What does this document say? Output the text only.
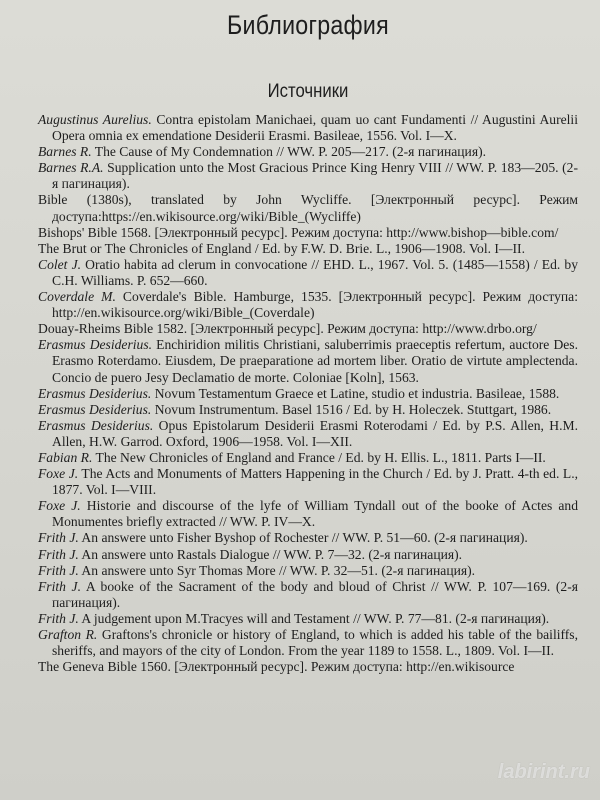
Библиография
Источники
Augustinus Aurelius. Contra epistolam Manichaei, quam uo cant Fundamenti // Augustini Aurelii Opera omnia ex emendatione Desiderii Erasmi. Basileae, 1556. Vol. I—X.
Barnes R. The Cause of My Condemnation // WW. P. 205—217. (2-я пагинация).
Barnes R.A. Supplication unto the Most Gracious Prince King Henry VIII // WW. P. 183—205. (2-я пагинация).
Bible (1380s), translated by John Wycliffe. [Электронный ресурс]. Режим доступа:https://en.wikisource.org/wiki/Bible_(Wycliffe)
Bishops' Bible 1568. [Электронный ресурс]. Режим доступа: http://www.bishop—bible.com/
The Brut or The Chronicles of England / Ed. by F.W. D. Brie. L., 1906—1908. Vol. I—II.
Colet J. Oratio habita ad clerum in convocatione // EHD. L., 1967. Vol. 5. (1485—1558) / Ed. by C.H. Williams. P. 652—660.
Coverdale M. Coverdale's Bible. Hamburge, 1535. [Электронный ресурс]. Режим доступа: http://en.wikisource.org/wiki/Bible_(Coverdale)
Douay-Rheims Bible 1582. [Электронный ресурс]. Режим доступа: http://www.drbo.org/
Erasmus Desiderius. Enchiridion militis Christiani, saluberrimis praeceptis refertum, auctore Des. Erasmo Roterdamo. Eiusdem, De praeparatione ad mortem liber. Oratio de virtute amplectenda. Concio de puero Jesy Declamatio de morte. Coloniae [Koln], 1563.
Erasmus Desiderius. Novum Testamentum Graece et Latine, studio et industria. Basileae, 1588.
Erasmus Desiderius. Novum Instrumentum. Basel 1516 / Ed. by H. Holeczek. Stuttgart, 1986.
Erasmus Desiderius. Opus Epistolarum Desiderii Erasmi Roterodami / Ed. by P.S. Allen, H.M. Allen, H.W. Garrod. Oxford, 1906—1958. Vol. I—XII.
Fabian R. The New Chronicles of England and France / Ed. by H. Ellis. L., 1811. Parts I—II.
Foxe J. The Acts and Monuments of Matters Happening in the Church / Ed. by J. Pratt. 4-th ed. L., 1877. Vol. I—VIII.
Foxe J. Historie and discourse of the lyfe of William Tyndall out of the booke of Actes and Monumentes briefly extracted // WW. P. IV—X.
Frith J. An answere unto Fisher Byshop of Rochester // WW. P. 51—60. (2-я пагинация).
Frith J. An answere unto Rastals Dialogue // WW. P. 7—32. (2-я пагинация).
Frith J. An answere unto Syr Thomas More // WW. P. 32—51. (2-я пагинация).
Frith J. A booke of the Sacrament of the body and bloud of Christ // WW. P. 107—169. (2-я пагинация).
Frith J. A judgement upon M.Tracyes will and Testament // WW. P. 77—81. (2-я пагинация).
Grafton R. Graftons's chronicle or history of England, to which is added his table of the bailiffs, sheriffs, and mayors of the city of London. From the year 1189 to 1558. L., 1809. Vol. I—II.
The Geneva Bible 1560. [Электронный ресурс]. Режим доступа: http://en.wikisource
labirint.ru
